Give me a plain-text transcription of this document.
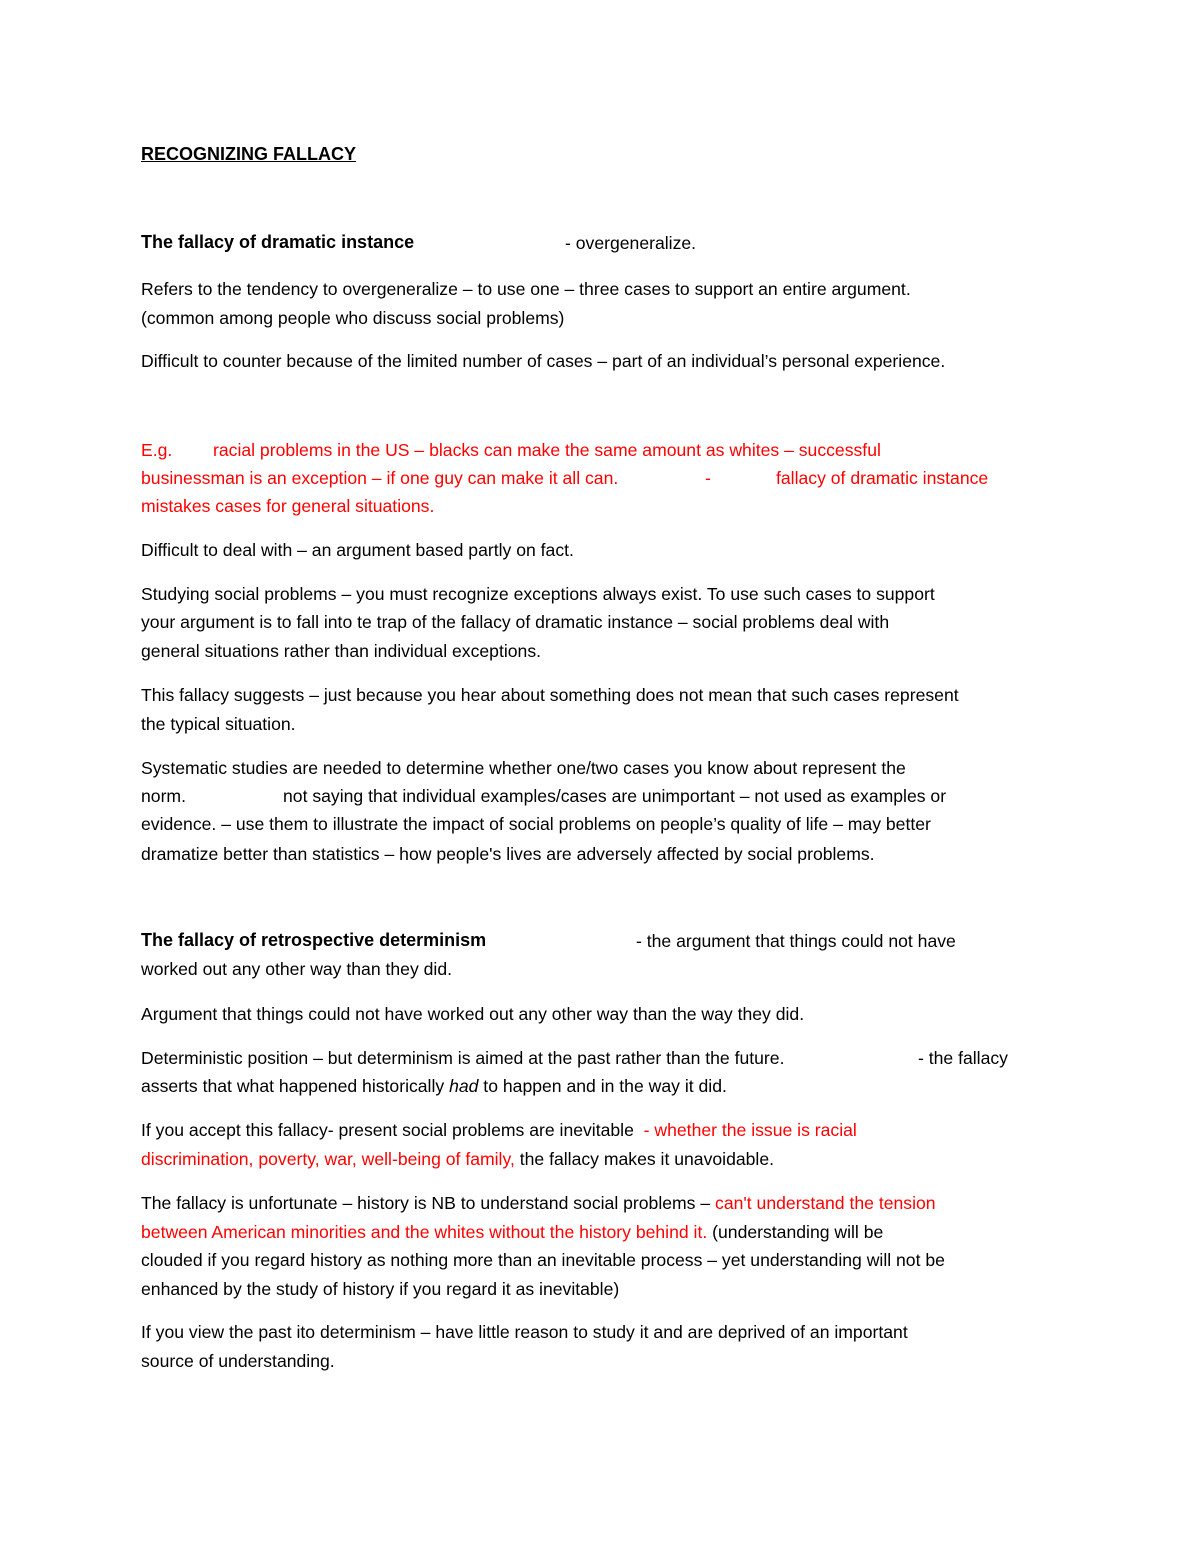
RECOGNIZING FALLACY

The fallacy of dramatic instance	- overgeneralize.

Refers to the tendency to overgeneralize – to use one – three cases to support an entire argument.

(common among people who discuss social problems)

Difficult to counter because of the limited number of cases – part of an individual’s personal experience.

E.g. racial problems in the US – blacks can make the same amount as whites – successful

businessman is an exception – if one guy can make it all can.	-	fallacy of dramatic instance

mistakes cases for general situations.

Difficult to deal with – an argument based partly on fact.

Studying social problems – you must recognize exceptions always exist. To use such cases to support

your argument is to fall into te trap of the fallacy of dramatic instance – social problems deal with

general situations rather than individual exceptions.

This fallacy suggests – just because you hear about something does not mean that such cases represent

the typical situation.

Systematic studies are needed to determine whether one/two cases you know about represent the

norm.	not saying that individual examples/cases are unimportant – not used as examples or

evidence. – use them to illustrate the impact of social problems on people’s quality of life – may better

dramatize better than statistics – how people's lives are adversely affected by social problems.

The fallacy of retrospective determinism	- the argument that things could not have

worked out any other way than they did.

Argument that things could not have worked out any other way than the way they did.

Deterministic position – but determinism is aimed at the past rather than the future.	- the fallacy

asserts that what happened historically had to happen and in the way it did.

If you accept this fallacy- present social problems are inevitable  - whether the issue is racial

discrimination, poverty, war, well-being of family, the fallacy makes it unavoidable.

The fallacy is unfortunate – history is NB to understand social problems – can't understand the tension

between American minorities and the whites without the history behind it. (understanding will be

clouded if you regard history as nothing more than an inevitable process – yet understanding will not be

enhanced by the study of history if you regard it as inevitable)

If you view the past ito determinism – have little reason to study it and are deprived of an important

source of understanding.
